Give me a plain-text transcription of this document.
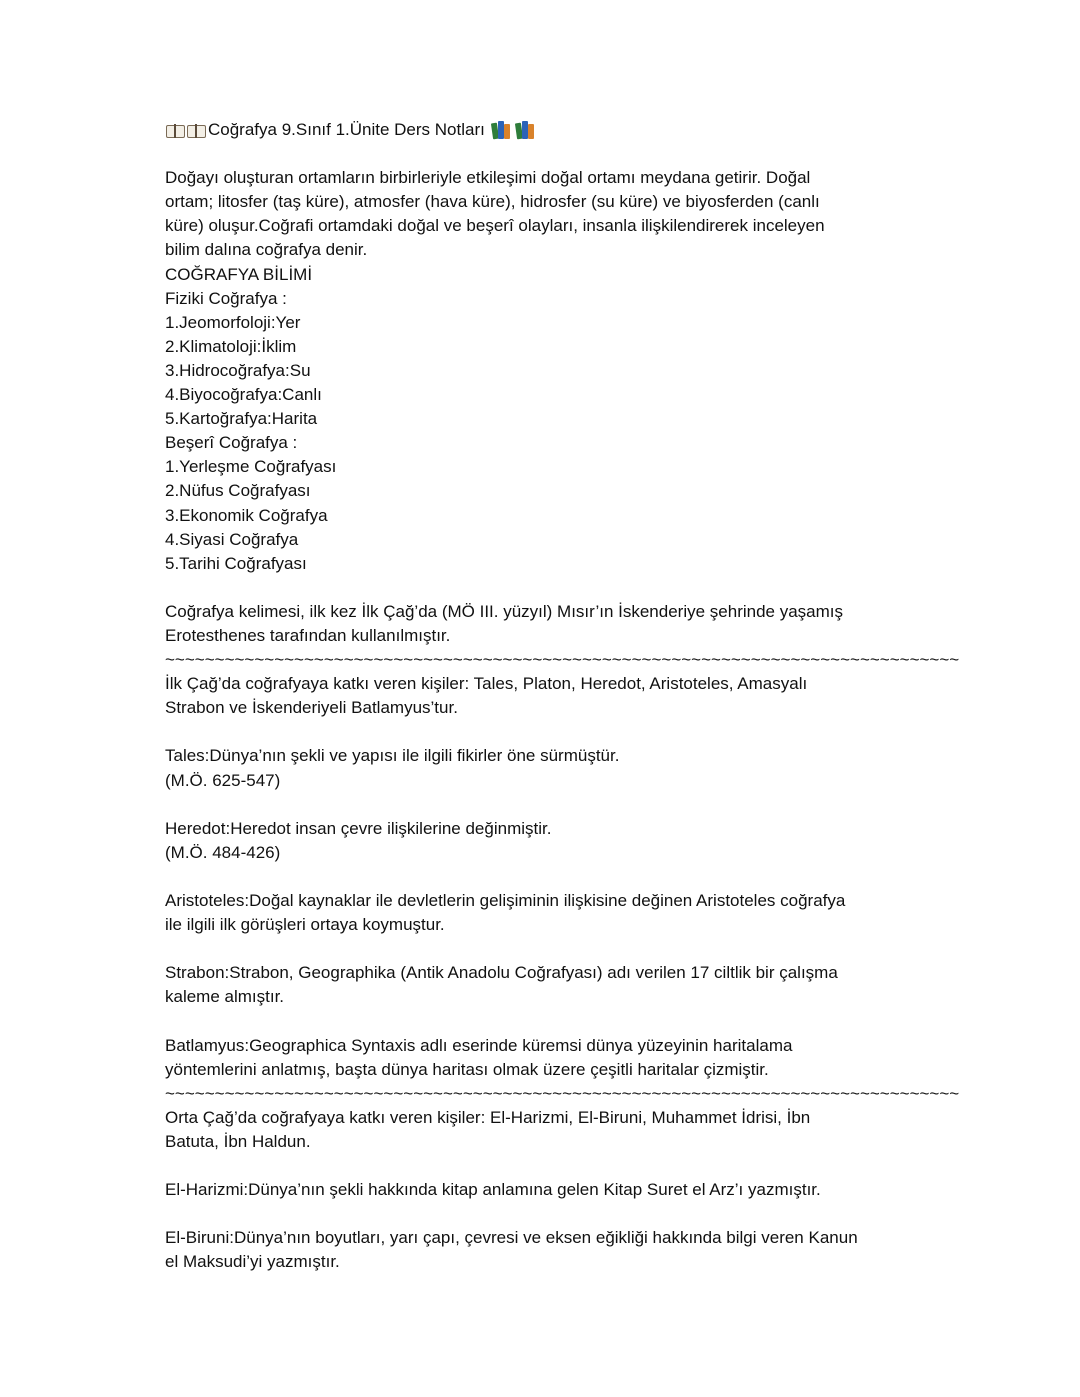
Coğrafya 9.Sınıf 1.Ünite Ders Notları
Doğayı oluşturan ortamların birbirleriyle etkileşimi doğal ortamı meydana getirir. Doğal
ortam; litosfer (taş küre), atmosfer (hava küre), hidrosfer (su küre) ve biyosferden (canlı
küre) oluşur.Coğrafi ortamdaki doğal ve beşerî olayları, insanla ilişkilendirerek inceleyen
bilim dalına coğrafya denir.
COĞRAFYA BİLİMİ
Fiziki Coğrafya :
1.Jeomorfoloji:Yer
2.Klimatoloji:İklim
3.Hidrocoğrafya:Su
4.Biyocoğrafya:Canlı
5.Kartoğrafya:Harita
Beşerî Coğrafya :
1.Yerleşme Coğrafyası
2.Nüfus Coğrafyası
3.Ekonomik Coğrafya
4.Siyasi Coğrafya
5.Tarihi Coğrafyası
Coğrafya kelimesi, ilk kez İlk Çağ’da (MÖ III. yüzyıl) Mısır’ın İskenderiye şehrinde yaşamış
Erotesthenes tarafından kullanılmıştır.
~~~~~~~~~~~~~~~~~~~~~~~~~~~~~~~~~~~~~~~~~~~~~~~~~~~~~~~~~~~~~~~~~~~~~~~~~~~~~~~~
İlk Çağ’da coğrafyaya katkı veren kişiler: Tales, Platon, Heredot, Aristoteles, Amasyalı
Strabon ve İskenderiyeli Batlamyus’tur.
Tales:Dünya’nın şekli ve yapısı ile ilgili fikirler öne sürmüştür.
(M.Ö. 625-547)
Heredot:Heredot insan çevre ilişkilerine değinmiştir.
(M.Ö. 484-426)
Aristoteles:Doğal kaynaklar ile devletlerin gelişiminin ilişkisine değinen Aristoteles coğrafya
ile ilgili ilk görüşleri ortaya koymuştur.
Strabon:Strabon, Geographika (Antik Anadolu Coğrafyası) adı verilen 17 ciltlik bir çalışma
kaleme almıştır.
Batlamyus:Geographica Syntaxis adlı eserinde küremsi dünya yüzeyinin haritalama
yöntemlerini anlatmış, başta dünya haritası olmak üzere çeşitli haritalar çizmiştir.
~~~~~~~~~~~~~~~~~~~~~~~~~~~~~~~~~~~~~~~~~~~~~~~~~~~~~~~~~~~~~~~~~~~~~~~~~~~~~~~~
Orta Çağ’da coğrafyaya katkı veren kişiler: El-Harizmi, El-Biruni, Muhammet İdrisi, İbn
Batuta, İbn Haldun.
El-Harizmi:Dünya’nın şekli hakkında kitap anlamına gelen Kitap Suret el Arz’ı yazmıştır.
El-Biruni:Dünya’nın boyutları, yarı çapı, çevresi ve eksen eğikliği hakkında bilgi veren Kanun
el Maksudi’yi yazmıştır.
